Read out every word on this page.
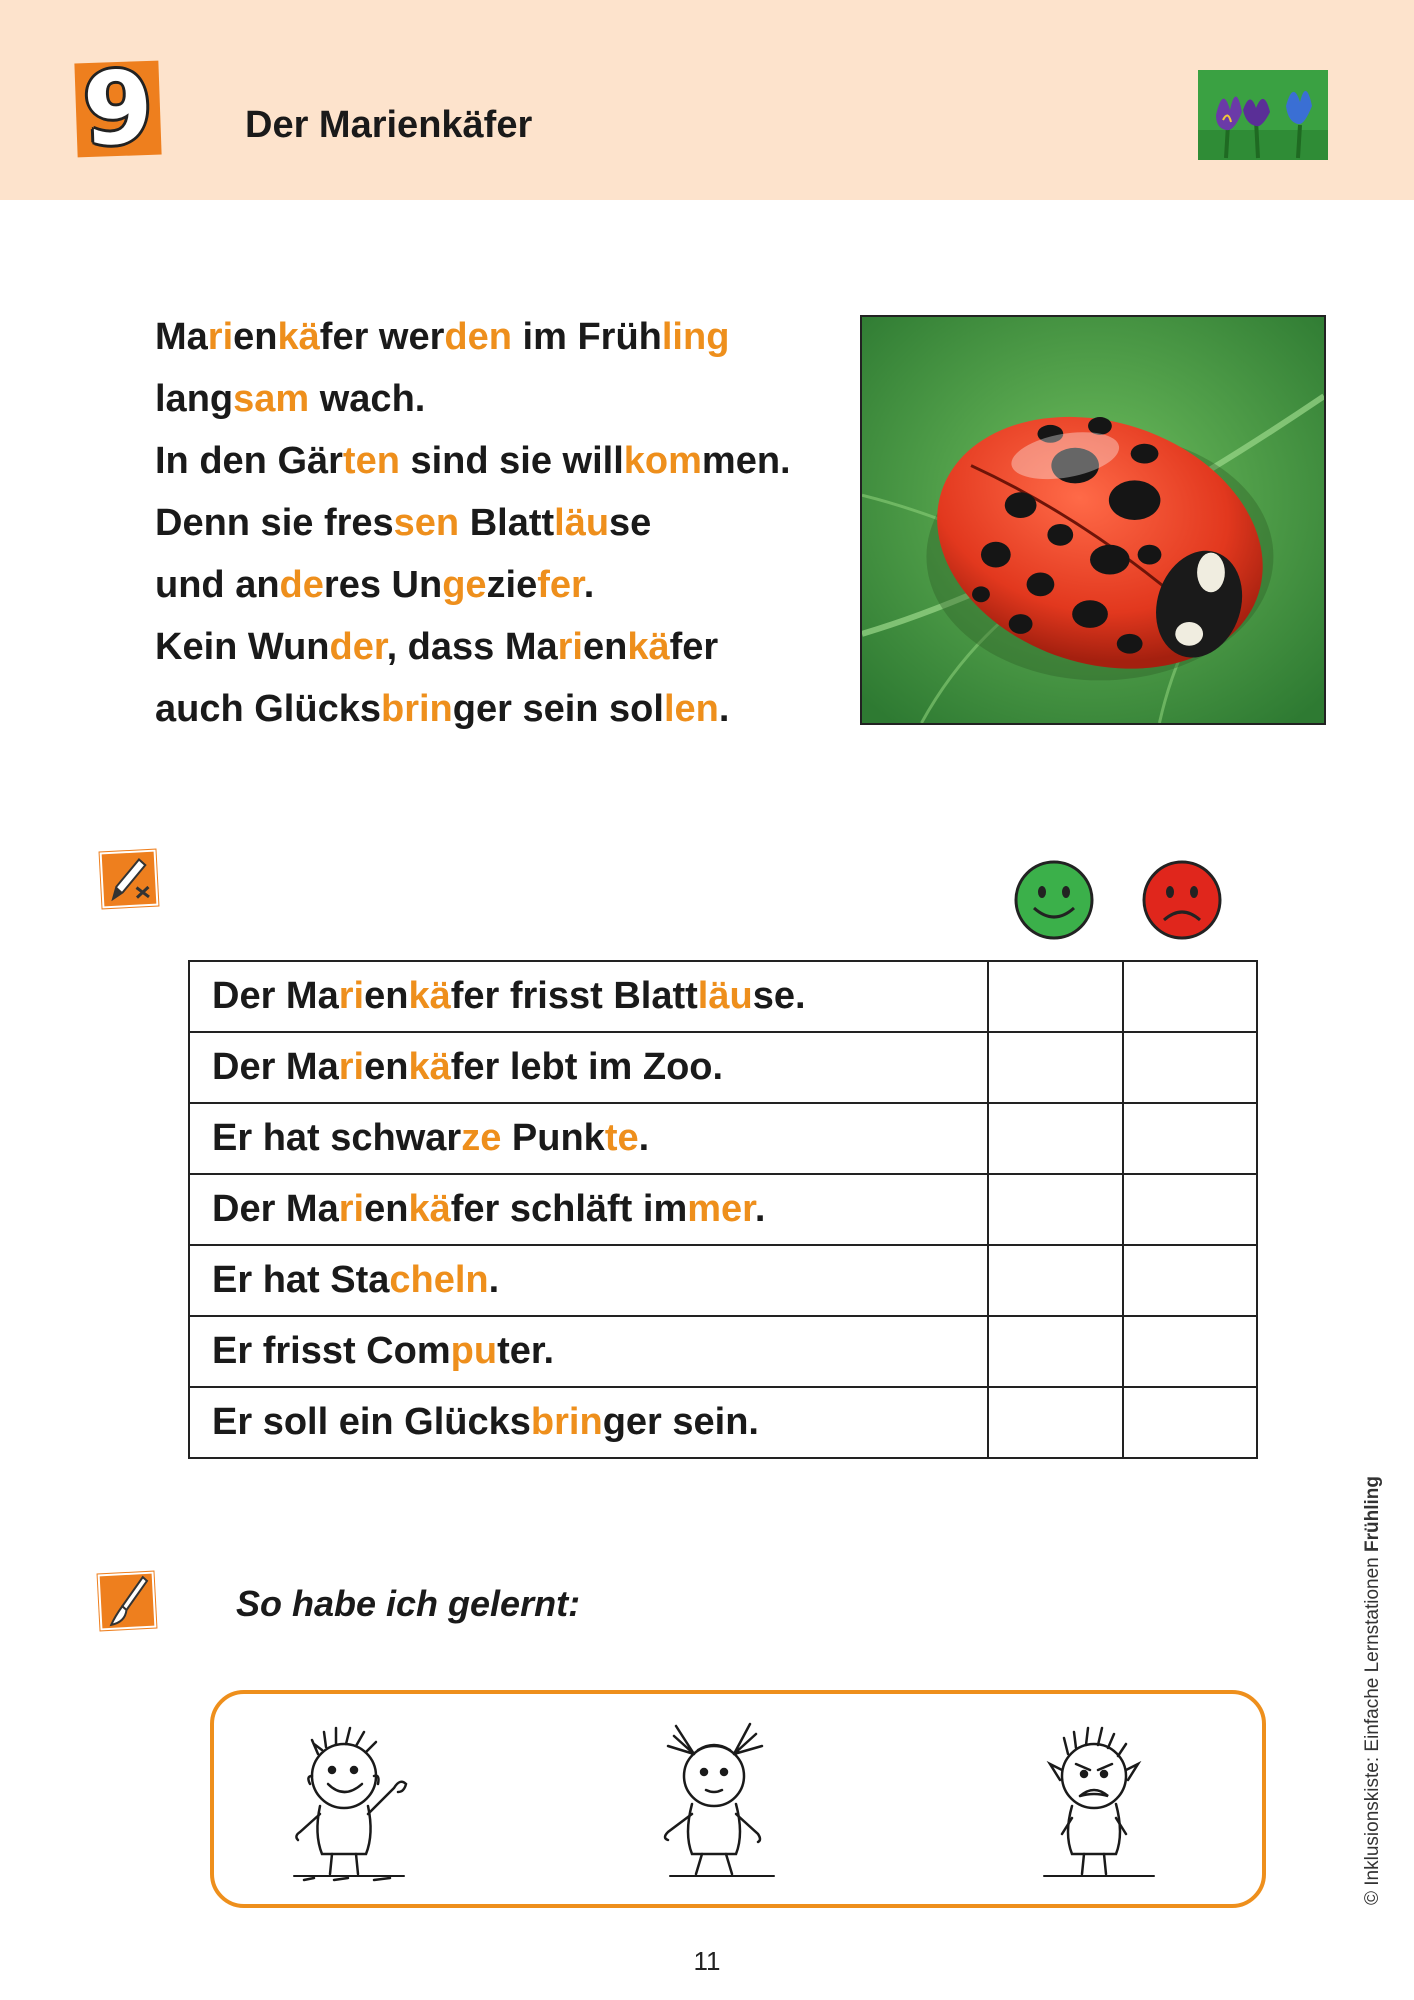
9 Der Marienkäfer
Marienkäfer werden im Frühling
langsam wach.
In den Gärten sind sie willkommen.
Denn sie fressen Blattläuse
und anderes Ungeziefer.
Kein Wunder, dass Marienkäfer
auch Glücksbringer sein sollen.
Der Marienkäfer frisst Blattläuse.		
Der Marienkäfer lebt im Zoo.		
Er hat schwarze Punkte.		
Der Marienkäfer schläft immer.		
Er hat Stacheln.		
Er frisst Computer.		
Er soll ein Glücksbringer sein.		
So habe ich gelernt:	© Inklusionskiste: Einfache Lernstationen Frühling
11
